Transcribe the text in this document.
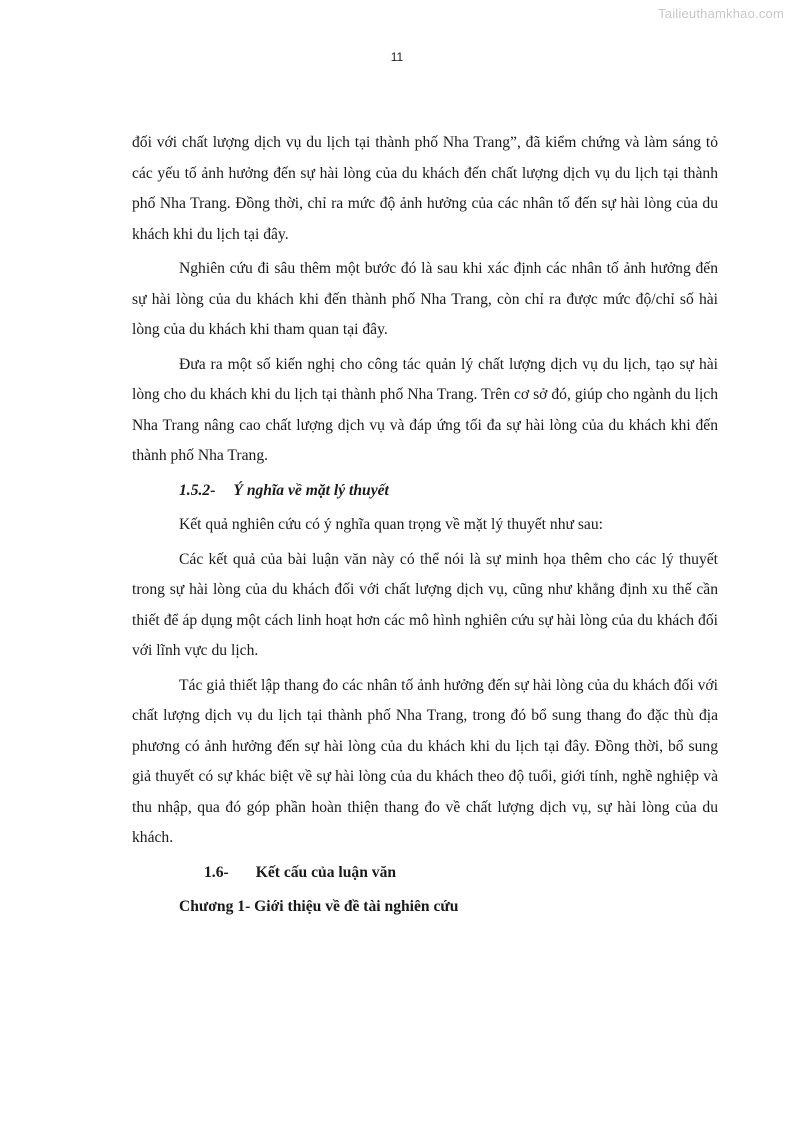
Tailieuthamkhao.com
11

đối với chất lượng dịch vụ du lịch tại thành phố Nha Trang”, đã kiểm chứng và làm sáng tỏ các yếu tố ảnh hưởng đến sự hài lòng của du khách đến chất lượng dịch vụ du lịch tại thành phố Nha Trang. Đồng thời, chỉ ra mức độ ảnh hưởng của các nhân tố đến sự hài lòng của du khách khi du lịch tại đây.

Nghiên cứu đi sâu thêm một bước đó là sau khi xác định các nhân tố ảnh hưởng đến sự hài lòng của du khách khi đến thành phố Nha Trang, còn chỉ ra được mức độ/chỉ số hài lòng của du khách khi tham quan tại đây.

Đưa ra một số kiến nghị cho công tác quản lý chất lượng dịch vụ du lịch, tạo sự hài lòng cho du khách khi du lịch tại thành phố Nha Trang. Trên cơ sở đó, giúp cho ngành du lịch Nha Trang nâng cao chất lượng dịch vụ và đáp ứng tối đa sự hài lòng của du khách khi đến thành phố Nha Trang.

1.5.2- Ý nghĩa về mặt lý thuyết

Kết quả nghiên cứu có ý nghĩa quan trọng về mặt lý thuyết như sau:

Các kết quả của bài luận văn này có thể nói là sự minh họa thêm cho các lý thuyết trong sự hài lòng của du khách đối với chất lượng dịch vụ, cũng như khẳng định xu thế cần thiết để áp dụng một cách linh hoạt hơn các mô hình nghiên cứu sự hài lòng của du khách đối với lĩnh vực du lịch.

Tác giả thiết lập thang đo các nhân tố ảnh hưởng đến sự hài lòng của du khách đối với chất lượng dịch vụ du lịch tại thành phố Nha Trang, trong đó bổ sung thang đo đặc thù địa phương có ảnh hưởng đến sự hài lòng của du khách khi du lịch tại đây. Đồng thời, bổ sung giả thuyết có sự khác biệt về sự hài lòng của du khách theo độ tuổi, giới tính, nghề nghiệp và thu nhập, qua đó góp phần hoàn thiện thang đo về chất lượng dịch vụ, sự hài lòng của du khách.

1.6- Kết cấu của luận văn

Chương 1- Giới thiệu về đề tài nghiên cứu
